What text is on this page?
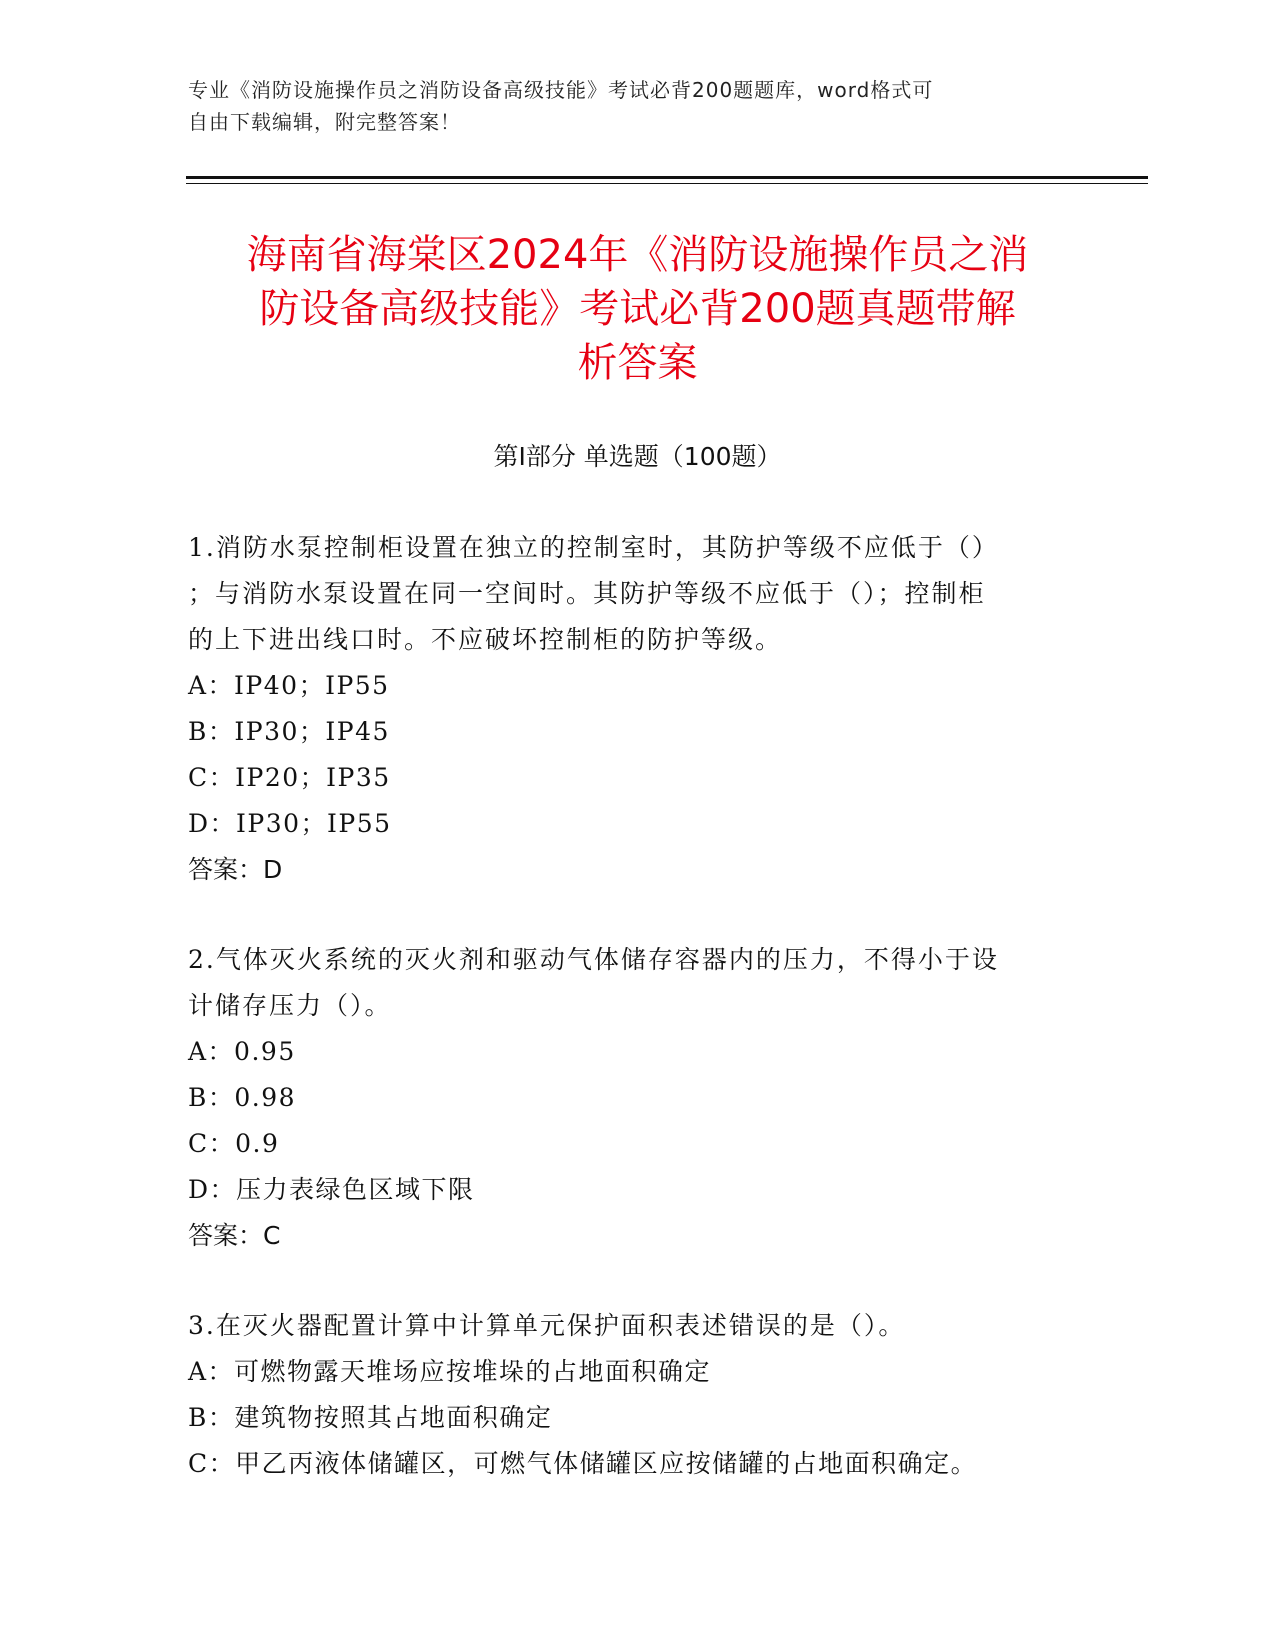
专业《消防设施操作员之消防设备高级技能》考试必背200题题库，word格式可
自由下载编辑，附完整答案！
海南省海棠区2024年《消防设施操作员之消
防设备高级技能》考试必背200题真题带解
析答案
第Ⅰ部分 单选题（100题）

1.消防水泵控制柜设置在独立的控制室时，其防护等级不应低于（）

；与消防水泵设置在同一空间时。其防护等级不应低于（）；控制柜

的上下进出线口时。不应破坏控制柜的防护等级。

A：IP40；IP55

B：IP30；IP45

C：IP20；IP35

D：IP30；IP55

答案：D

2.气体灭火系统的灭火剂和驱动气体储存容器内的压力，不得小于设

计储存压力（）。

A：0.95

B：0.98

C：0.9

D：压力表绿色区域下限

答案：C

3.在灭火器配置计算中计算单元保护面积表述错误的是（）。

A：可燃物露天堆场应按堆垛的占地面积确定

B：建筑物按照其占地面积确定

C：甲乙丙液体储罐区，可燃气体储罐区应按储罐的占地面积确定。
